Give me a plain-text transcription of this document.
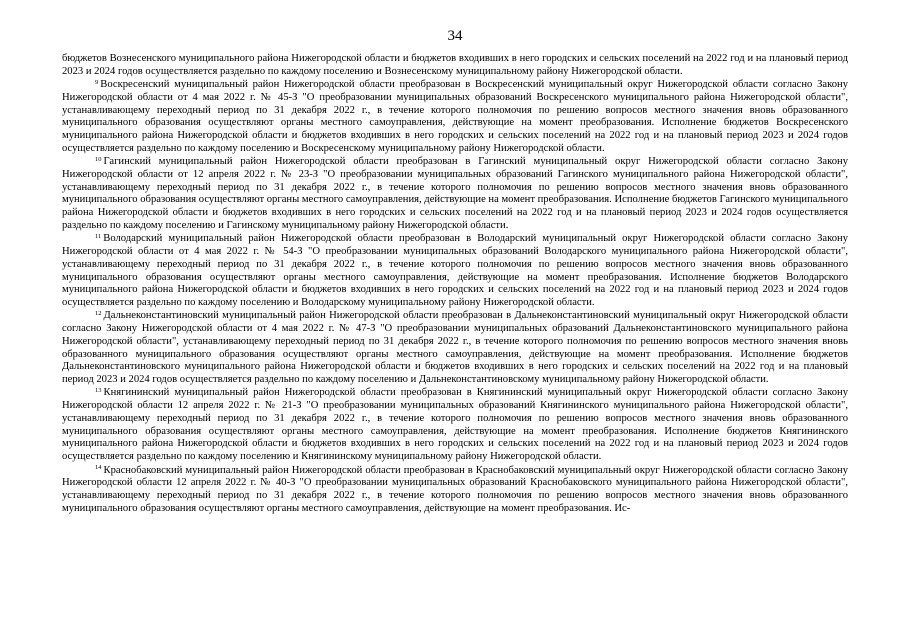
34

бюджетов Вознесенского муниципального района Нижегородской области и бюджетов входивших в него городских и сельских поселений на 2022 год и на плановый период 2023 и 2024 годов осуществляется раздельно по каждому поселению и Вознесенскому муниципальному району Нижегородской области.

$^9$ Воскресенский муниципальный район Нижегородской области преобразован в Воскресенский муниципальный округ Нижегородской области согласно Закону Нижегородской области от 4 мая 2022 г. № 45-З "О преобразовании муниципальных образований Воскресенского муниципального района Нижегородской области", устанавливающему переходный период по 31 декабря 2022 г., в течение которого полномочия по решению вопросов местного значения вновь образованного муниципального образования осуществляют органы местного самоуправления, действующие на момент преобразования. Исполнение бюджетов Воскресенского муниципального района Нижегородской области и бюджетов входивших в него городских и сельских поселений на 2022 год и на плановый период 2023 и 2024 годов осуществляется раздельно по каждому поселению и Воскресенскому муниципальному району Нижегородской области.

$^{10}$ Гагинский муниципальный район Нижегородской области преобразован в Гагинский муниципальный округ Нижегородской области согласно Закону Нижегородской области от 12 апреля 2022 г. № 23-З "О преобразовании муниципальных образований Гагинского муниципального района Нижегородской области", устанавливающему переходный период по 31 декабря 2022 г., в течение которого полномочия по решению вопросов местного значения вновь образованного муниципального образования осуществляют органы местного самоуправления, действующие на момент преобразования. Исполнение бюджетов Гагинского муниципального района Нижегородской области и бюджетов входивших в него городских и сельских поселений на 2022 год и на плановый период 2023 и 2024 годов осуществляется раздельно по каждому поселению и Гагинскому муниципальному району Нижегородской области.

$^{11}$ Володарский муниципальный район Нижегородской области преобразован в Володарский муниципальный округ Нижегородской области согласно Закону Нижегородской области от 4 мая 2022 г. № 54-З "О преобразовании муниципальных образований Володарского муниципального района Нижегородской области", устанавливающему переходный период по 31 декабря 2022 г., в течение которого полномочия по решению вопросов местного значения вновь образованного муниципального образования осуществляют органы местного самоуправления, действующие на момент преобразования. Исполнение бюджетов Володарского муниципального района Нижегородской области и бюджетов входивших в него городских и сельских поселений на 2022 год и на плановый период 2023 и 2024 годов осуществляется раздельно по каждому поселению и Володарскому муниципальному району Нижегородской области.

$^{12}$ Дальнеконстантиновский муниципальный район Нижегородской области преобразован в Дальнеконстантиновский муниципальный округ Нижегородской области согласно Закону Нижегородской области от 4 мая 2022 г. № 47-З "О преобразовании муниципальных образований Дальнеконстантиновского муниципального района Нижегородской области", устанавливающему переходный период по 31 декабря 2022 г., в течение которого полномочия по решению вопросов местного значения вновь образованного муниципального образования осуществляют органы местного самоуправления, действующие на момент преобразования. Исполнение бюджетов Дальнеконстантиновского муниципального района Нижегородской области и бюджетов входивших в него городских и сельских поселений на 2022 год и на плановый период 2023 и 2024 годов осуществляется раздельно по каждому поселению и Дальнеконстантиновскому муниципальному району Нижегородской области.

$^{13}$ Княгининский муниципальный район Нижегородской области преобразован в Княгининский муниципальный округ Нижегородской области согласно Закону Нижегородской области 12 апреля 2022 г. № 21-З "О преобразовании муниципальных образований Княгининского муниципального района Нижегородской области", устанавливающему переходный период по 31 декабря 2022 г., в течение которого полномочия по решению вопросов местного значения вновь образованного муниципального образования осуществляют органы местного самоуправления, действующие на момент преобразования. Исполнение бюджетов Княгининского муниципального района Нижегородской области и бюджетов входивших в него городских и сельских поселений на 2022 год и на плановый период 2023 и 2024 годов осуществляется раздельно по каждому поселению и Княгининскому муниципальному району Нижегородской области.

$^{14}$ Краснобаковский муниципальный район Нижегородской области преобразован в Краснобаковский муниципальный округ Нижегородской области согласно Закону Нижегородской области 12 апреля 2022 г. № 40-З "О преобразовании муниципальных образований Краснобаковского муниципального района Нижегородской области", устанавливающему переходный период по 31 декабря 2022 г., в течение которого полномочия по решению вопросов местного значения вновь образованного муниципального образования осуществляют органы местного самоуправления, действующие на момент преобразования. Ис-
